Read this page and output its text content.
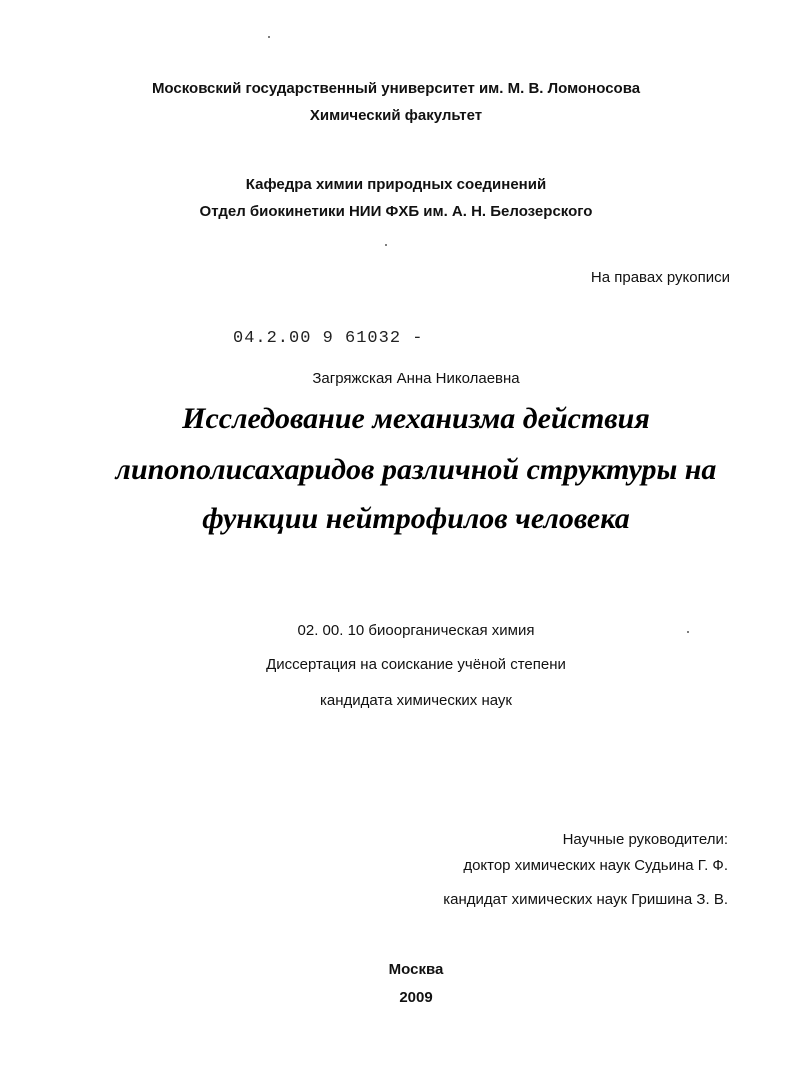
Московский государственный университет им. М. В. Ломоносова
Химический факультет
Кафедра химии природных соединений
Отдел биокинетики НИИ ФХБ им. А. Н. Белозерского
На правах рукописи
04.2.00 9 61032 -
Загряжская Анна Николаевна
Исследование механизма действия
липополисахаридов различной структуры на
функции нейтрофилов человека
02. 00. 10 биоорганическая химия
Диссертация на соискание учёной степени
кандидата химических наук
Научные руководители:
доктор химических наук Судьина Г. Ф.
кандидат химических наук Гришина З. В.
Москва
2009
